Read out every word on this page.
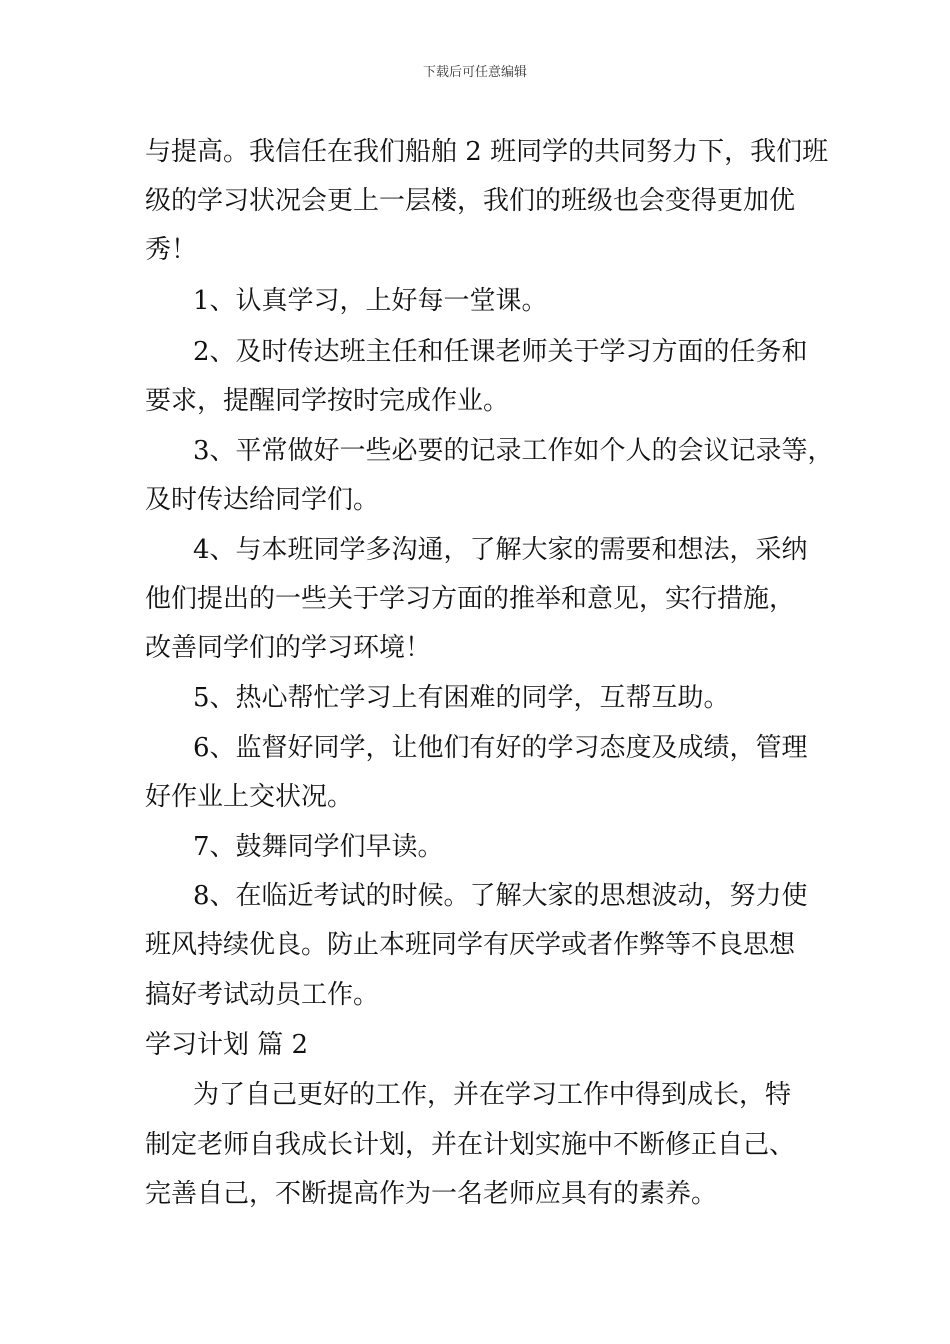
下载后可任意编辑
与提高。我信任在我们船舶 2 班同学的共同努力下，我们班
级的学习状况会更上一层楼，我们的班级也会变得更加优
秀！
1、认真学习，上好每一堂课。
2、及时传达班主任和任课老师关于学习方面的任务和
要求，提醒同学按时完成作业。
3、平常做好一些必要的记录工作如个人的会议记录等，
及时传达给同学们。
4、与本班同学多沟通，了解大家的需要和想法，采纳
他们提出的一些关于学习方面的推举和意见，实行措施，
改善同学们的学习环境！
5、热心帮忙学习上有困难的同学，互帮互助。
6、监督好同学，让他们有好的学习态度及成绩，管理
好作业上交状况。
7、鼓舞同学们早读。
8、在临近考试的时候。了解大家的思想波动，努力使
班风持续优良。防止本班同学有厌学或者作弊等不良思想
搞好考试动员工作。
学习计划 篇 2
为了自己更好的工作，并在学习工作中得到成长，特
制定老师自我成长计划，并在计划实施中不断修正自己、
完善自己，不断提高作为一名老师应具有的素养。
